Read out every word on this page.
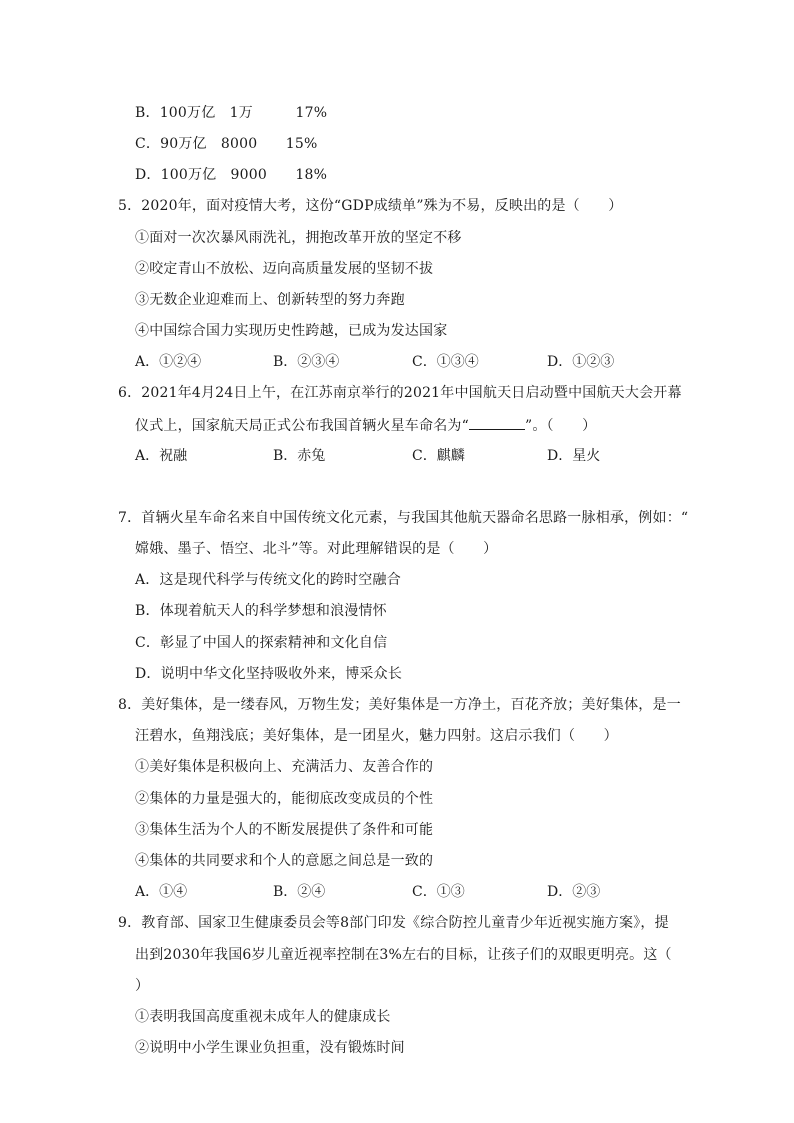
B．100万亿　1万　　　17%
C．90万亿　8000　　15%
D．100万亿　9000　　18%
5．2020年，面对疫情大考，这份“GDP成绩单”殊为不易，反映出的是（　　）
①面对一次次暴风雨洗礼，拥抱改革开放的坚定不移
②咬定青山不放松、迈向高质量发展的坚韧不拔
③无数企业迎难而上、创新转型的努力奔跑
④中国综合国力实现历史性跨越，已成为发达国家
A．①②④	B．②③④	C．①③④	D．①②③
6．2021年4月24日上午，在江苏南京举行的2021年中国航天日启动暨中国航天大会开幕
仪式上，国家航天局正式公布我国首辆火星车命名为“	”。（　　）
A．祝融	B．赤兔	C．麒麟	D．星火
7．首辆火星车命名来自中国传统文化元素，与我国其他航天器命名思路一脉相承，例如：“
嫦娥、墨子、悟空、北斗”等。对此理解错误的是（　　）
A．这是现代科学与传统文化的跨时空融合
B．体现着航天人的科学梦想和浪漫情怀
C．彰显了中国人的探索精神和文化自信
D．说明中华文化坚持吸收外来，博采众长
8．美好集体，是一缕春风，万物生发；美好集体是一方净土，百花齐放；美好集体，是一
汪碧水，鱼翔浅底；美好集体，是一团星火，魅力四射。这启示我们（　　）
①美好集体是积极向上、充满活力、友善合作的
②集体的力量是强大的，能彻底改变成员的个性
③集体生活为个人的不断发展提供了条件和可能
④集体的共同要求和个人的意愿之间总是一致的
A．①④	B．②④	C．①③	D．②③
9．教育部、国家卫生健康委员会等8部门印发《综合防控儿童青少年近视实施方案》，提
出到2030年我国6岁儿童近视率控制在3%左右的目标，让孩子们的双眼更明亮。这（
）
①表明我国高度重视未成年人的健康成长
②说明中小学生课业负担重，没有锻炼时间
